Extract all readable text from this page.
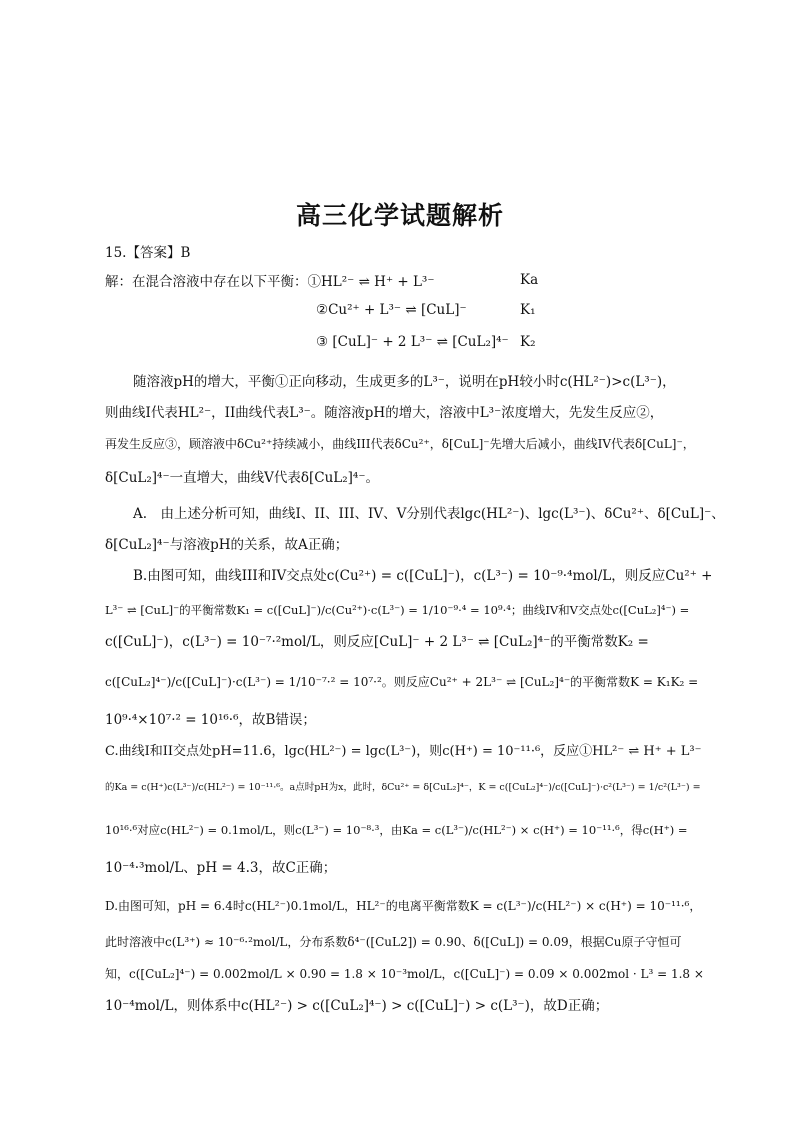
高三化学试题解析
15.【答案】B
解：在混合溶液中存在以下平衡：①HL²⁻ ⇌ H⁺ + L³⁻	Ka
②Cu²⁺ + L³⁻ ⇌ [CuL]⁻	K₁
③ [CuL]⁻ + 2 L³⁻ ⇌ [CuL₂]⁴⁻ K₂
随溶液pH的增大，平衡①正向移动，生成更多的L³⁻，说明在pH较小时c(HL²⁻)>c(L³⁻)，
则曲线I代表HL²⁻，II曲线代表L³⁻。随溶液pH的增大，溶液中L³⁻浓度增大，先发生反应②，
再发生反应③，顾溶液中δCu²⁺持续减小，曲线III代表δCu²⁺，δ[CuL]⁻先增大后减小，曲线IV代表δ[CuL]⁻，
δ[CuL₂]⁴⁻一直增大，曲线V代表δ[CuL₂]⁴⁻。
A.　由上述分析可知，曲线I、II、III、IV、V分别代表lgc(HL²⁻)、lgc(L³⁻)、δCu²⁺、δ[CuL]⁻、
δ[CuL₂]⁴⁻与溶液pH的关系，故A正确；
B.由图可知，曲线III和IV交点处c(Cu²⁺) = c([CuL]⁻)，c(L³⁻) = 10⁻⁹·⁴mol/L，则反应Cu²⁺ +
L³⁻ ⇌ [CuL]⁻的平衡常数K₁ = c([CuL]⁻)/c(Cu²⁺)·c(L³⁻) = 1/10⁻⁹·⁴ = 10⁹·⁴；曲线IV和V交点处c([CuL₂]⁴⁻) =
c([CuL]⁻)，c(L³⁻) = 10⁻⁷·²mol/L，则反应[CuL]⁻ + 2 L³⁻ ⇌ [CuL₂]⁴⁻的平衡常数K₂ =
c([CuL₂]⁴⁻)/c([CuL]⁻)·c(L³⁻) = 1/10⁻⁷·² = 10⁷·²。则反应Cu²⁺ + 2L³⁻ ⇌ [CuL₂]⁴⁻的平衡常数K = K₁K₂ =
10⁹·⁴×10⁷·² = 10¹⁶·⁶，故B错误；
C.曲线I和II交点处pH=11.6，lgc(HL²⁻) = lgc(L³⁻)，则c(H⁺) = 10⁻¹¹·⁶，反应①HL²⁻ ⇌ H⁺ + L³⁻
的Ka = c(H⁺)c(L³⁻)/c(HL²⁻) = 10⁻¹¹·⁶。a点时pH为x，此时，δCu²⁺ = δ[CuL₂]⁴⁻，K = c([CuL₂]⁴⁻)/c([CuL]⁻)·c²(L³⁻) = 1/c²(L³⁻) =
10¹⁶·⁶对应c(HL²⁻) = 0.1mol/L，则c(L³⁻) = 10⁻⁸·³，由Ka = c(L³⁻)/c(HL²⁻) × c(H⁺) = 10⁻¹¹·⁶，得c(H⁺) =
10⁻⁴·³mol/L、pH = 4.3，故C正确；
D.由图可知，pH = 6.4时c(HL²⁻)0.1mol/L，HL²⁻的电离平衡常数K = c(L³⁻)/c(HL²⁻) × c(H⁺) = 10⁻¹¹·⁶，
此时溶液中c(L³⁺) ≈ 10⁻⁶·²mol/L，分布系数δ⁴⁻([CuL2]) = 0.90、δ([CuL]) = 0.09，根据Cu原子守恒可
知，c([CuL₂]⁴⁻) = 0.002mol/L × 0.90 = 1.8 × 10⁻³mol/L，c([CuL]⁻) = 0.09 × 0.002mol · L³ = 1.8 ×
10⁻⁴mol/L，则体系中c(HL²⁻) > c([CuL₂]⁴⁻) > c([CuL]⁻) > c(L³⁻)，故D正确；
